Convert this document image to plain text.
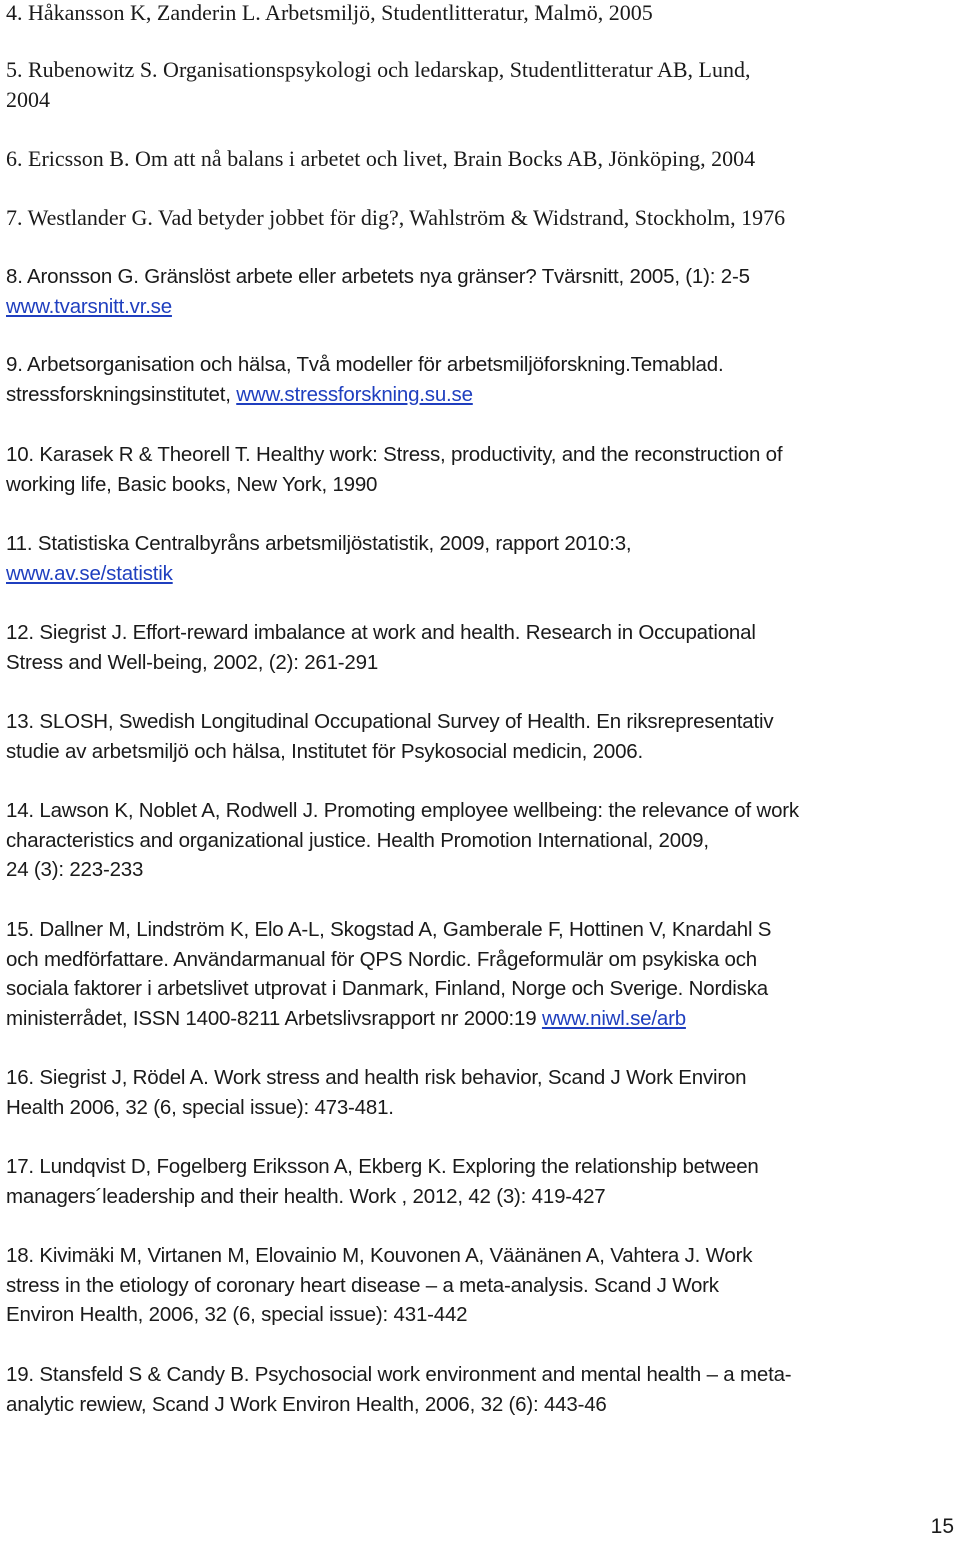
4. Håkansson K, Zanderin L. Arbetsmiljö, Studentlitteratur, Malmö, 2005

5. Rubenowitz S. Organisationspsykologi och ledarskap, Studentlitteratur AB, Lund,
2004

6. Ericsson B. Om att nå balans i arbetet och livet, Brain Bocks AB, Jönköping, 2004

7. Westlander G. Vad betyder jobbet för dig?, Wahlström & Widstrand, Stockholm, 1976

8. Aronsson G. Gränslöst arbete eller arbetets nya gränser? Tvärsnitt, 2005, (1): 2-5
www.tvarsnitt.vr.se

9. Arbetsorganisation och hälsa, Två modeller för arbetsmiljöforskning.Temablad.
stressforskningsinstitutet, www.stressforskning.su.se

10. Karasek R & Theorell T. Healthy work: Stress, productivity, and the reconstruction of
working life, Basic books, New York, 1990

11. Statistiska Centralbyråns arbetsmiljöstatistik, 2009, rapport 2010:3,
www.av.se/statistik

12. Siegrist J. Effort-reward imbalance at work and health. Research in Occupational
Stress and Well-being, 2002, (2): 261-291

13. SLOSH, Swedish Longitudinal Occupational Survey of Health. En riksrepresentativ
studie av arbetsmiljö och hälsa, Institutet för Psykosocial medicin, 2006.

14. Lawson K, Noblet A, Rodwell J. Promoting employee wellbeing: the relevance of work
characteristics and organizational justice. Health Promotion International, 2009,
24 (3): 223-233

15. Dallner M, Lindström K, Elo A-L, Skogstad A, Gamberale F, Hottinen V, Knardahl S
och medförfattare. Användarmanual för QPS Nordic. Frågeformulär om psykiska och
sociala faktorer i arbetslivet utprovat i Danmark, Finland, Norge och Sverige. Nordiska
ministerrådet, ISSN 1400-8211 Arbetslivsrapport nr 2000:19 www.niwl.se/arb

16. Siegrist J, Rödel A. Work stress and health risk behavior, Scand J Work Environ
Health 2006, 32 (6, special issue): 473-481.

17. Lundqvist D, Fogelberg Eriksson A, Ekberg K. Exploring the relationship between
managers´leadership and their health. Work , 2012, 42 (3): 419-427

18. Kivimäki M, Virtanen M, Elovainio M, Kouvonen A, Väänänen A, Vahtera J. Work
stress in the etiology of coronary heart disease – a meta-analysis. Scand J Work
Environ Health, 2006, 32 (6, special issue): 431-442

19. Stansfeld S & Candy B. Psychosocial work environment and mental health – a meta-
analytic rewiew, Scand J Work Environ Health, 2006, 32 (6): 443-46

15
